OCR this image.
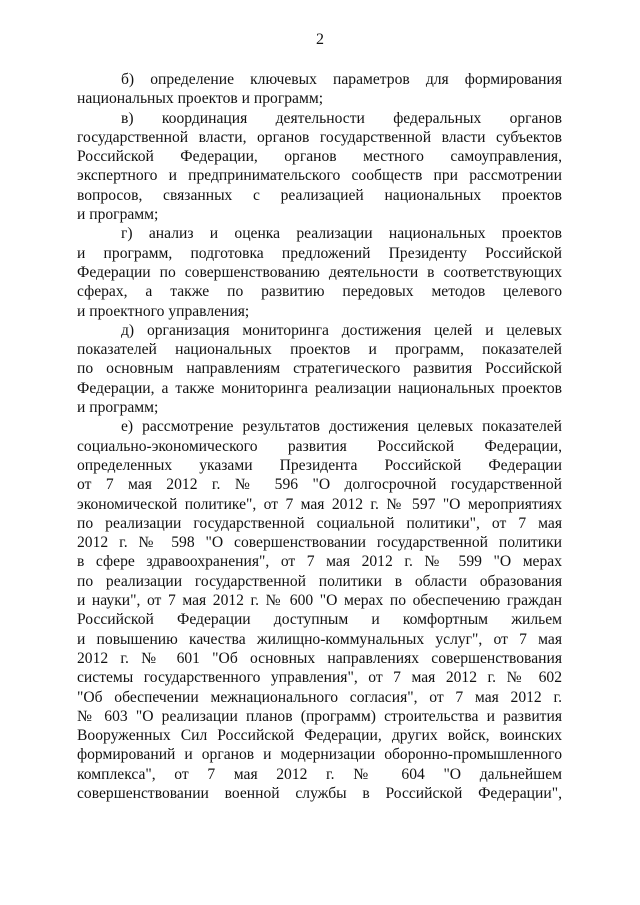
2
б) определение ключевых параметров для формирования
национальных проектов и программ;
в) координация деятельности федеральных органов
государственной власти, органов государственной власти субъектов
Российской Федерации, органов местного самоуправления,
экспертного и предпринимательского сообществ при рассмотрении
вопросов, связанных с реализацией национальных проектов
и программ;
г) анализ и оценка реализации национальных проектов
и программ, подготовка предложений Президенту Российской
Федерации по совершенствованию деятельности в соответствующих
сферах, а также по развитию передовых методов целевого
и проектного управления;
д) организация мониторинга достижения целей и целевых
показателей национальных проектов и программ, показателей
по основным направлениям стратегического развития Российской
Федерации, а также мониторинга реализации национальных проектов
и программ;
е) рассмотрение результатов достижения целевых показателей
социально-экономического развития Российской Федерации,
определенных указами Президента Российской Федерации
от 7 мая 2012 г. № 596 "О долгосрочной государственной
экономической политике", от 7 мая 2012 г. № 597 "О мероприятиях
по реализации государственной социальной политики", от 7 мая
2012 г. № 598 "О совершенствовании государственной политики
в сфере здравоохранения", от 7 мая 2012 г. № 599 "О мерах
по реализации государственной политики в области образования
и науки", от 7 мая 2012 г. № 600 "О мерах по обеспечению граждан
Российской Федерации доступным и комфортным жильем
и повышению качества жилищно-коммунальных услуг", от 7 мая
2012 г. № 601 "Об основных направлениях совершенствования
системы государственного управления", от 7 мая 2012 г. № 602
"Об обеспечении межнационального согласия", от 7 мая 2012 г.
№ 603 "О реализации планов (программ) строительства и развития
Вооруженных Сил Российской Федерации, других войск, воинских
формирований и органов и модернизации оборонно-промышленного
комплекса", от 7 мая 2012 г. № 604 "О дальнейшем
совершенствовании военной службы в Российской Федерации",
